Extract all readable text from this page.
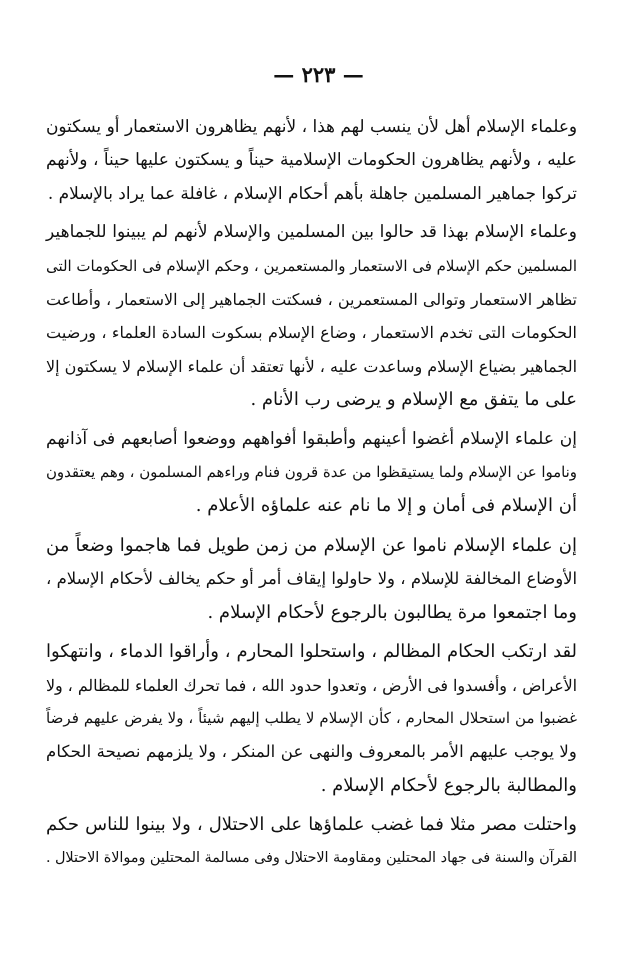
— ٢٢٣ —

وعلماء الإسلام أهل لأن ينسب لهم هذا ، لأنهم يظاهرون الاستعمار أو يسكتون
عليه ، ولأنهم يظاهرون الحكومات الإسلامية حيناً و يسكتون عليها حيناً ، ولأنهم
تركوا جماهير المسلمين جاهلة بأهم أحكام الإسلام ، غافلة عما يراد بالإسلام .

وعلماء الإسلام بهذا قد حالوا بين المسلمين والإسلام لأنهم لم يبينوا للجماهير
المسلمين حكم الإسلام فى الاستعمار والمستعمرين ، وحكم الإسلام فى الحكومات التى
تظاهر الاستعمار وتوالى المستعمرين ، فسكتت الجماهير إلى الاستعمار ، وأطاعت
الحكومات التى تخدم الاستعمار ، وضاع الإسلام بسكوت السادة العلماء ، ورضيت
الجماهير بضياع الإسلام وساعدت عليه ، لأنها تعتقد أن علماء الإسلام لا يسكتون إلا
على ما يتفق مع الإسلام و يرضى رب الأنام .

إن علماء الإسلام أغضوا أعينهم وأطبقوا أفواههم ووضعوا أصابعهم فى آذانهم
وناموا عن الإسلام ولما يستيقظوا من عدة قرون فنام وراءهم المسلمون ، وهم يعتقدون
أن الإسلام فى أمان و إلا ما نام عنه علماؤه الأعلام .

إن علماء الإسلام ناموا عن الإسلام من زمن طويل فما هاجموا وضعاً من
الأوضاع المخالفة للإسلام ، ولا حاولوا إيقاف أمر أو حكم يخالف لأحكام الإسلام ،
وما اجتمعوا مرة يطالبون بالرجوع لأحكام الإسلام .

لقد ارتكب الحكام المظالم ، واستحلوا المحارم ، وأراقوا الدماء ، وانتهكوا
الأعراض ، وأفسدوا فى الأرض ، وتعدوا حدود الله ، فما تحرك العلماء للمظالم ، ولا
غضبوا من استحلال المحارم ، كأن الإسلام لا يطلب إليهم شيئاً ، ولا يفرض عليهم فرضاً
ولا يوجب عليهم الأمر بالمعروف والنهى عن المنكر ، ولا يلزمهم نصيحة الحكام
والمطالبة بالرجوع لأحكام الإسلام .

واحتلت مصر مثلا فما غضب علماؤها على الاحتلال ، ولا بينوا للناس حكم
القرآن والسنة فى جهاد المحتلين ومقاومة الاحتلال وفى مسالمة المحتلين وموالاة الاحتلال .
